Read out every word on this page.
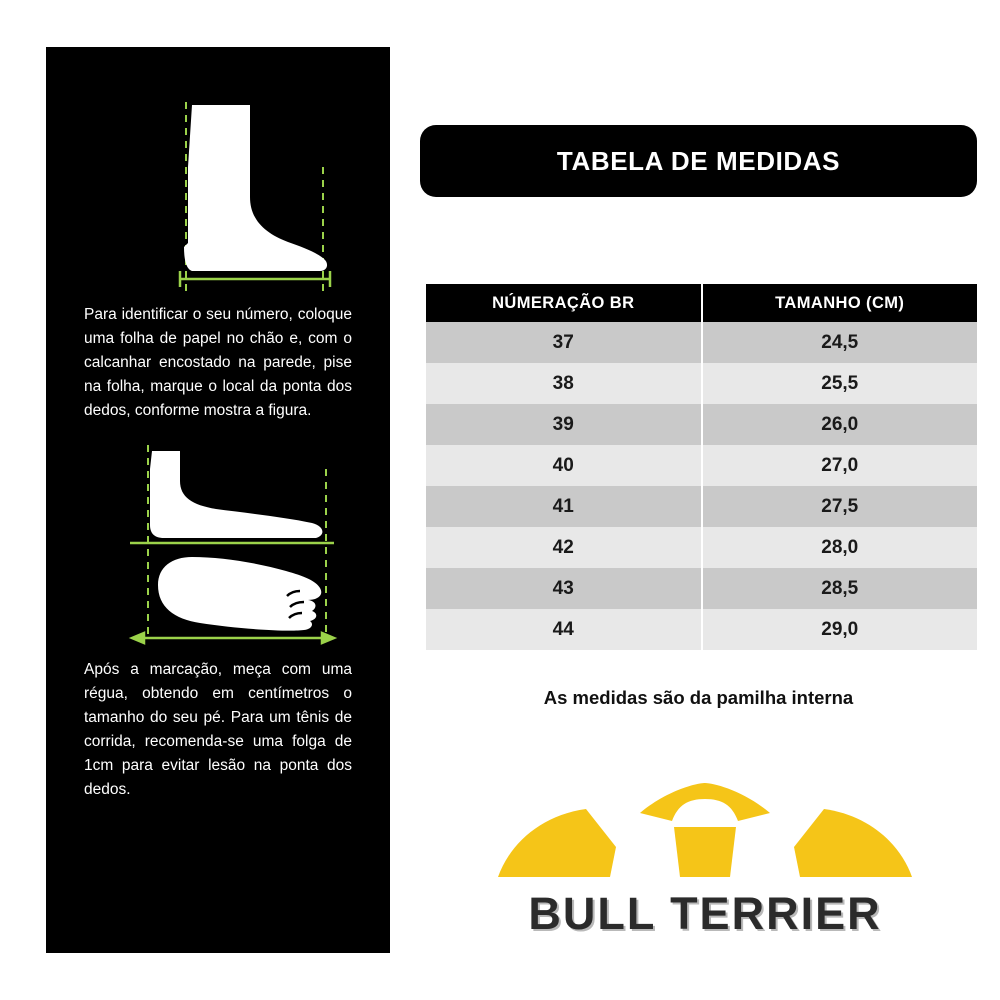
Para identificar o seu número, coloque uma folha de papel no chão e, com o calcanhar encostado na parede, pise na folha, marque o local da ponta dos dedos, conforme mostra a figura.

Após a marcação, meça com uma régua, obtendo em centímetros o tamanho do seu pé. Para um tênis de corrida, recomenda-se uma folga de 1cm para evitar lesão na ponta dos dedos.

TABELA DE MEDIDAS
NÚMERAÇÃO BR	TAMANHO (CM)
37	24,5
38	25,5
39	26,0
40	27,0
41	27,5
42	28,0
43	28,5
44	29,0
As medidas são da pamilha interna
BULL TERRIER
